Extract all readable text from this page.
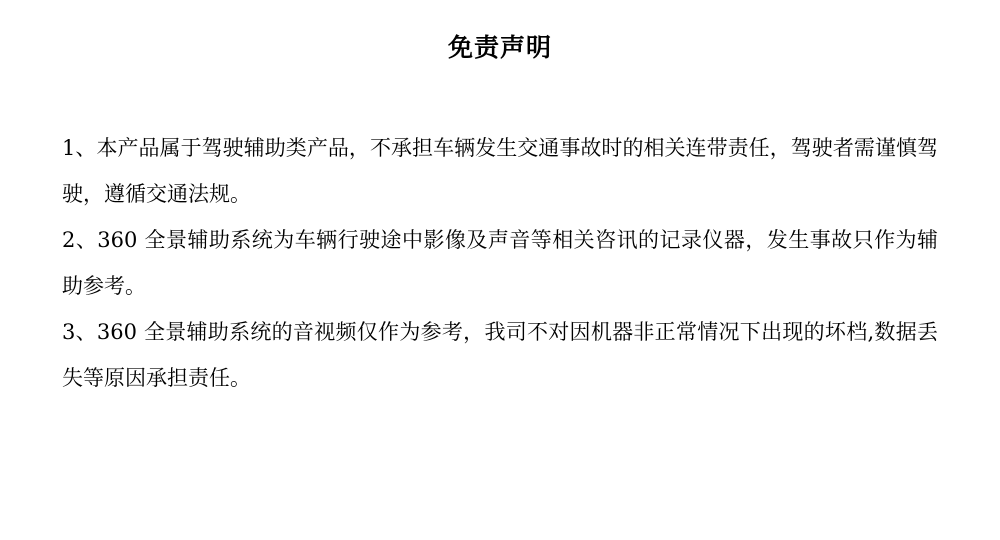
免责声明

1、本产品属于驾驶辅助类产品，不承担车辆发生交通事故时的相关连带责任，驾驶者需谨慎驾驶，遵循交通法规。

2、360 全景辅助系统为车辆行驶途中影像及声音等相关咨讯的记录仪器，发生事故只作为辅助参考。

3、360 全景辅助系统的音视频仅作为参考，我司不对因机器非正常情况下出现的坏档,数据丢失等原因承担责任。
